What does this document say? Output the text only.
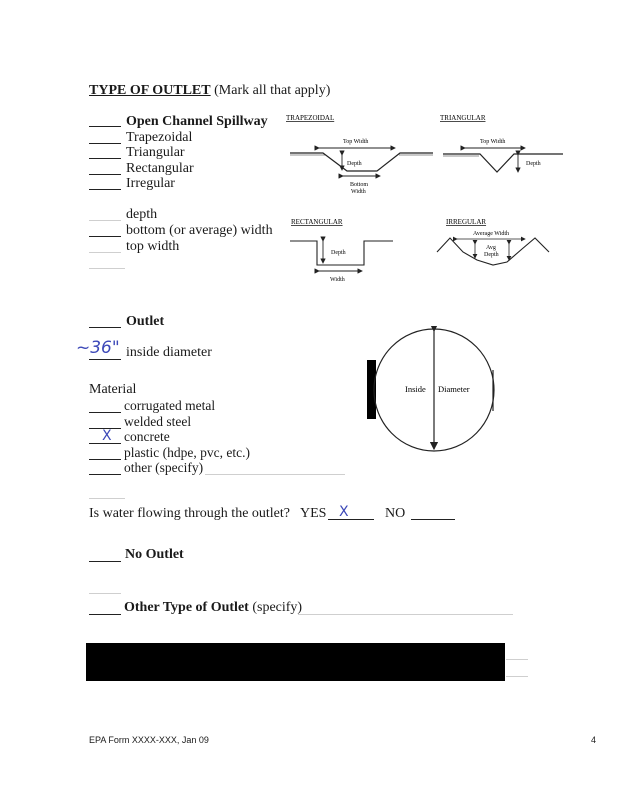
TYPE OF OUTLET (Mark all that apply)
Open Channel Spillway
Trapezoidal
Triangular
Rectangular
Irregular
depth
bottom (or average) width
top width
TRAPEZOIDAL
Top Width
Depth
Bottom
Width
TRIANGULAR
Top Width
Depth
RECTANGULAR
Depth
Width
IRREGULAR
Average Width
Avg
Depth
Outlet
~36" inside diameter
Inside Diameter
Material
corrugated metal
welded steel
X concrete
plastic (hdpe, pvc, etc.)
other (specify)
Is water flowing through the outlet? YES X	NO
No Outlet
Other Type of Outlet (specify)
EPA Form XXXX-XXX, Jan 09	4
